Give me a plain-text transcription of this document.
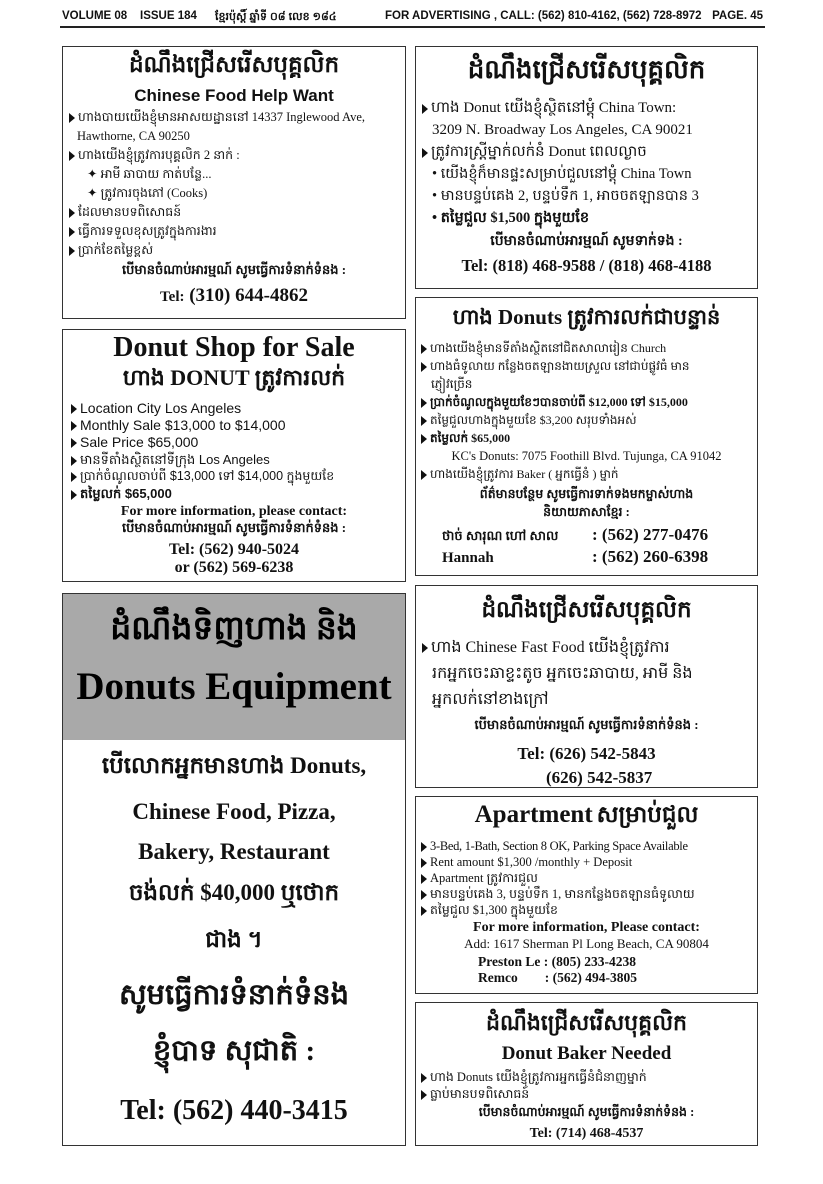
VOLUME 08 ISSUE 184 ខ្មែរប៉ុស្តិ៍ ឆ្នាំទី ០៨ លេខ ១៨៤	FOR ADVERTISING , CALL: (562) 810-4162, (562) 728-8972 PAGE. 45
ដំណឹងជ្រើសរើសបុគ្គលិក
Chinese Food Help Want
ហាងបាយយើងខ្ញុំមានអាសយដ្ឋាននៅ 14337 Inglewood Ave,
Hawthorne, CA 90250
ហាងយើងខ្ញុំត្រូវការបុគ្គលិក 2 នាក់ :
✦ អាមី ឆាបាយ កាត់បន្លែ...
✦ ត្រូវការចុងភៅ (Cooks)
ដែលមានបទពិសោធន៍
ធ្វើការទទួលខុសត្រូវក្នុងការងារ
ប្រាក់ខែតម្លៃខ្ពស់
បើមានចំណាប់អារម្មណ៍ សូមធ្វើការទំនាក់ទំនង :
Tel: (310) 644-4862
Donut Shop for Sale
ហាង DONUT ត្រូវការលក់
Location City Los Angeles
Monthly Sale $13,000 to $14,000
Sale Price $65,000
មានទីតាំងស្ថិតនៅទីក្រុង Los Angeles
ប្រាក់ចំណូលចាប់ពី $13,000 ទៅ $14,000 ក្នុងមួយខែ
តម្លៃលក់ $65,000
For more information, please contact:
បើមានចំណាប់អារម្មណ៍ សូមធ្វើការទំនាក់ទំនង :
Tel: (562) 940-5024
or (562) 569-6238
ដំណឹងទិញហាង និង
Donuts Equipment
បើលោកអ្នកមានហាង Donuts,
Chinese Food, Pizza,
Bakery, Restaurant
ចង់លក់ $40,000 ឬថោក
ជាង ។
សូមធ្វើការទំនាក់ទំនង
ខ្ញុំបាទ សុជាតិ :
Tel: (562) 440-3415
ដំណឹងជ្រើសរើសបុគ្គលិក
ហាង Donut យើងខ្ញុំស្ថិតនៅម្ដុំ China Town:
3209 N. Broadway Los Angeles, CA 90021
ត្រូវការស្ត្រីម្នាក់លក់នំ Donut ពេលល្ងាច
• យើងខ្ញុំក៏មានផ្ទះសម្រាប់ជួលនៅម្ដុំ China Town
• មានបន្ទប់គេង 2, បន្ទប់ទឹក 1, អាចចតឡានបាន 3
• តម្លៃជួល $1,500 ក្នុងមួយខែ
បើមានចំណាប់អារម្មណ៍ សូមទាក់ទង :
Tel: (818) 468-9588 / (818) 468-4188
ហាង Donuts ត្រូវការលក់ជាបន្ទាន់
ហាងយើងខ្ញុំមានទីតាំងស្ថិតនៅជិតសាលារៀន Church
ហាងធំទូលាយ កន្លែងចតឡានងាយស្រួល នៅជាប់ផ្លូវធំ មាន
ភ្ញៀវច្រើន
ប្រាក់ចំណូលក្នុងមួយខែៗបានចាប់ពី $12,000 ទៅ $15,000
តម្លៃជួលហាងក្នុងមួយខែ $3,200 សរុបទាំងអស់
តម្លៃលក់ $65,000
KC's Donuts: 7075 Foothill Blvd. Tujunga, CA 91042
ហាងយើងខ្ញុំត្រូវការ Baker ( អ្នកធ្វើនំ ) ម្នាក់
ព័ត៌មានបន្ថែម សូមធ្វើការទាក់ទងមកម្ចាស់ហាង
និយាយភាសាខ្មែរ :
ថាច់ សារុណ ហៅ សាល : (562) 277-0476
Hannah	: (562) 260-6398
ដំណឹងជ្រើសរើសបុគ្គលិក
ហាង Chinese Fast Food យើងខ្ញុំត្រូវការ
រកអ្នកចេះឆាខ្ទះតូច អ្នកចេះឆាបាយ, អាមី និង
អ្នកលក់នៅខាងក្រៅ
បើមានចំណាប់អារម្មណ៍ សូមធ្វើការទំនាក់ទំនង :
Tel: (626) 542-5843
(626) 542-5837
Apartment សម្រាប់ជួល
3-Bed, 1-Bath, Section 8 OK, Parking Space Available
Rent amount $1,300 /monthly + Deposit
Apartment ត្រូវការជួល
មានបន្ទប់គេង 3, បន្ទប់ទឹក 1, មានកន្លែងចតឡានធំទូលាយ
តម្លៃជួល $1,300 ក្នុងមួយខែ
For more information, Please contact:
Add: 1617 Sherman Pl Long Beach, CA 90804
Preston Le : (805) 233-4238
Remco        : (562) 494-3805
ដំណឹងជ្រើសរើសបុគ្គលិក
Donut Baker Needed
ហាង Donuts យើងខ្ញុំត្រូវការអ្នកធ្វើនំជំនាញម្នាក់
ធ្លាប់មានបទពិសោធន៍
បើមានចំណាប់អារម្មណ៍ សូមធ្វើការទំនាក់ទំនង :
Tel: (714) 468-4537
